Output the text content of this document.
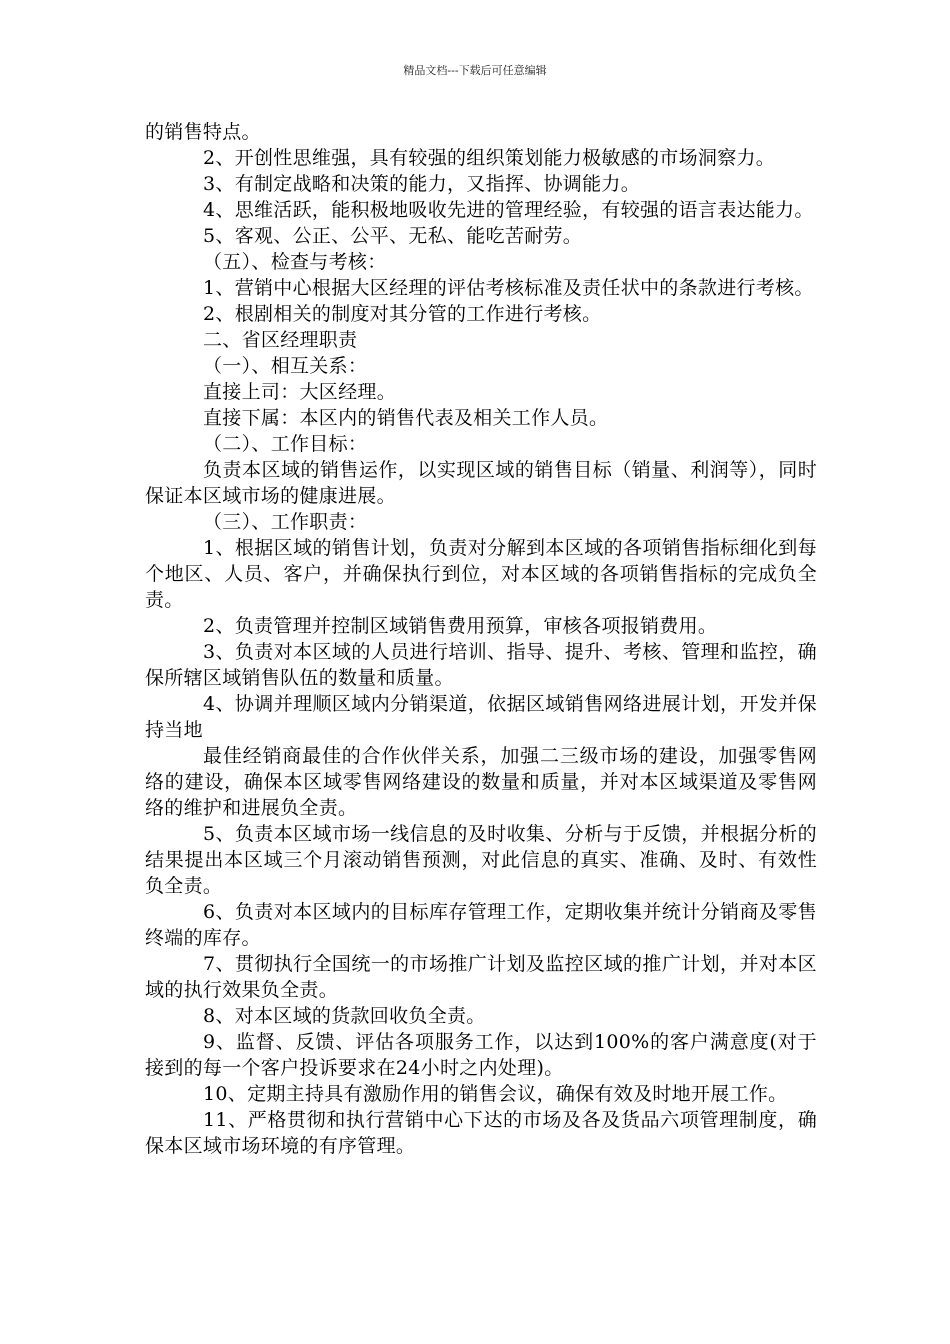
精品文档---下载后可任意编辑

的销售特点。

2、开创性思维强，具有较强的组织策划能力极敏感的市场洞察力。

3、有制定战略和决策的能力，又指挥、协调能力。

4、思维活跃，能积极地吸收先进的管理经验，有较强的语言表达能力。

5、客观、公正、公平、无私、能吃苦耐劳。

（五）、检查与考核：

1、营销中心根据大区经理的评估考核标准及责任状中的条款进行考核。

2、根剧相关的制度对其分管的工作进行考核。

二、省区经理职责

（一）、相互关系：

直接上司：大区经理。

直接下属：本区内的销售代表及相关工作人员。

（二）、工作目标：

负责本区域的销售运作，以实现区域的销售目标（销量、利润等），同时保证本区域市场的健康进展。

（三）、工作职责：

1、根据区域的销售计划，负责对分解到本区域的各项销售指标细化到每个地区、人员、客户，并确保执行到位，对本区域的各项销售指标的完成负全责。

2、负责管理并控制区域销售费用预算，审核各项报销费用。

3、负责对本区域的人员进行培训、指导、提升、考核、管理和监控，确保所辖区域销售队伍的数量和质量。

4、协调并理顺区域内分销渠道，依据区域销售网络进展计划，开发并保持当地

最佳经销商最佳的合作伙伴关系，加强二三级市场的建设，加强零售网络的建设，确保本区域零售网络建设的数量和质量，并对本区域渠道及零售网络的维护和进展负全责。

5、负责本区域市场一线信息的及时收集、分析与于反馈，并根据分析的结果提出本区域三个月滚动销售预测，对此信息的真实、准确、及时、有效性负全责。

6、负责对本区域内的目标库存管理工作，定期收集并统计分销商及零售终端的库存。

7、贯彻执行全国统一的市场推广计划及监控区域的推广计划，并对本区域的执行效果负全责。

8、对本区域的货款回收负全责。

9、监督、反馈、评估各项服务工作，以达到100%的客户满意度(对于接到的每一个客户投诉要求在24小时之内处理)。

10、定期主持具有激励作用的销售会议，确保有效及时地开展工作。

11、严格贯彻和执行营销中心下达的市场及各及货品六项管理制度，确保本区域市场环境的有序管理。
